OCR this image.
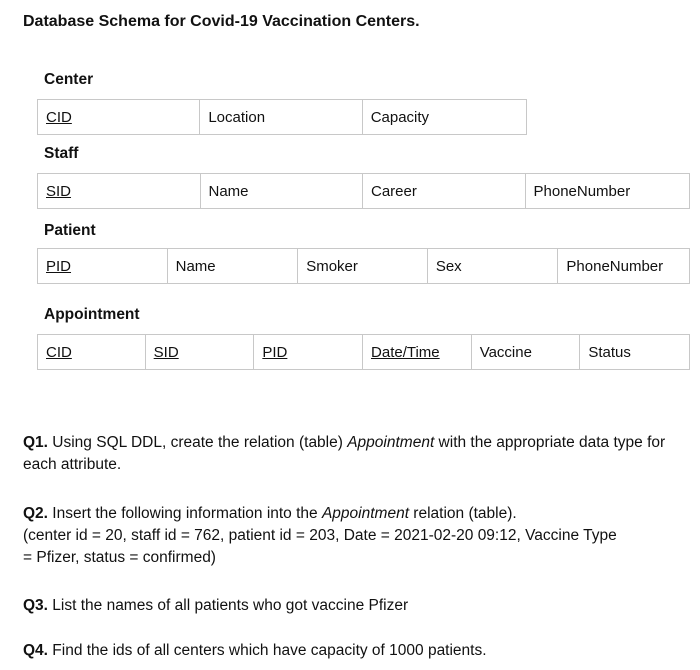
Database Schema for Covid-19 Vaccination Centers.
Center
CID	Location	Capacity
Staff
SID	Name	Career	PhoneNumber
Patient
PID	Name	Smoker	Sex	PhoneNumber
Appointment
CID	SID	PID	Date/Time	Vaccine	Status
Q1. Using SQL DDL, create the relation (table) Appointment with the appropriate data type for each attribute.
Q2. Insert the following information into the Appointment relation (table).
(center id = 20, staff id = 762, patient id = 203, Date = 2021-02-20 09:12, Vaccine Type
= Pfizer, status = confirmed)
Q3. List the names of all patients who got vaccine Pfizer
Q4. Find the ids of all centers which have capacity of 1000 patients.
